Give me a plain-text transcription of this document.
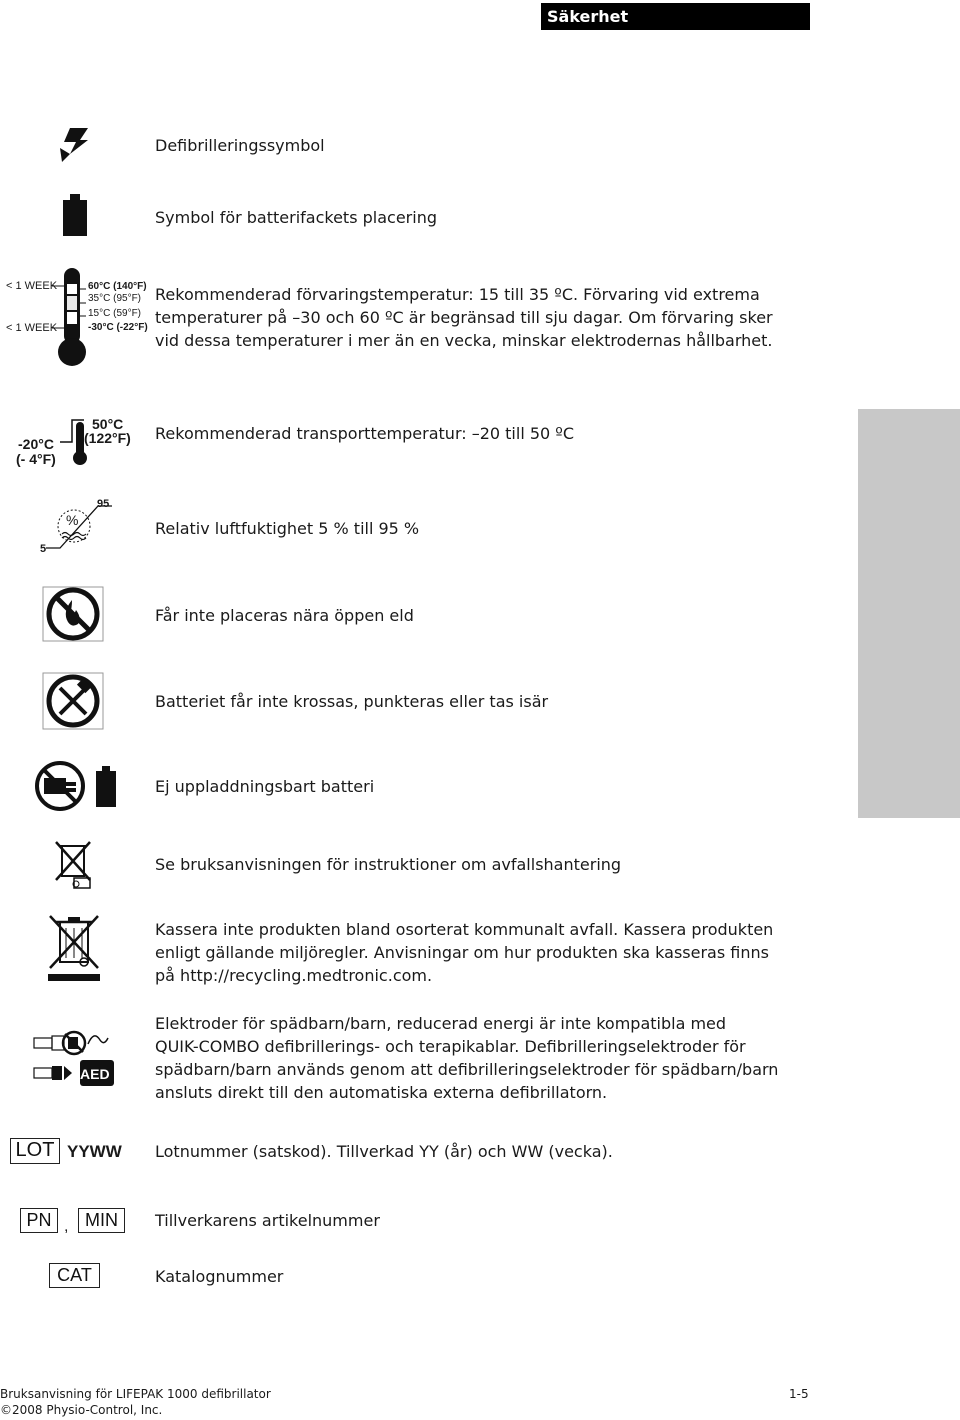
Säkerhet
Defibrilleringssymbol
Symbol för batterifackets placering
< 1 WEEK
< 1 WEEK
60°C (140°F)
35°C (95°F)
15°C (59°F)
-30°C (-22°F)
Rekommenderad förvaringstemperatur: 15 till 35 ºC. Förvaring vid extrema
temperaturer på –30 och 60 ºC är begränsad till sju dagar. Om förvaring sker
vid dessa temperaturer i mer än en vecka, minskar elektrodernas hållbarhet.
50°C
(122°F)
-20°C
(- 4°F)
Rekommenderad transporttemperatur: –20 till 50 ºC
%
95
5
Relativ luftfuktighet 5 % till 95 %
Får inte placeras nära öppen eld
Batteriet får inte krossas, punkteras eller tas isär
Ej uppladdningsbart batteri
Se bruksanvisningen för instruktioner om avfallshantering
Kassera inte produkten bland osorterat kommunalt avfall. Kassera produkten
enligt gällande miljöregler. Anvisningar om hur produkten ska kasseras finns
på http://recycling.medtronic.com.
AED
Elektroder för spädbarn/barn, reducerad energi är inte kompatibla med
QUIK-COMBO defibrillerings- och terapikablar. Defibrilleringselektroder för
spädbarn/barn används genom att defibrilleringselektroder för spädbarn/barn
ansluts direkt till den automatiska externa defibrillatorn.
LOT YYWW Lotnummer (satskod). Tillverkad YY (år) och WW (vecka).
PN , MIN	Tillverkarens artikelnummer
CAT	Katalognummer
Bruksanvisning för LIFEPAK 1000 defibrillator
©2008 Physio-Control, Inc.
1-5
